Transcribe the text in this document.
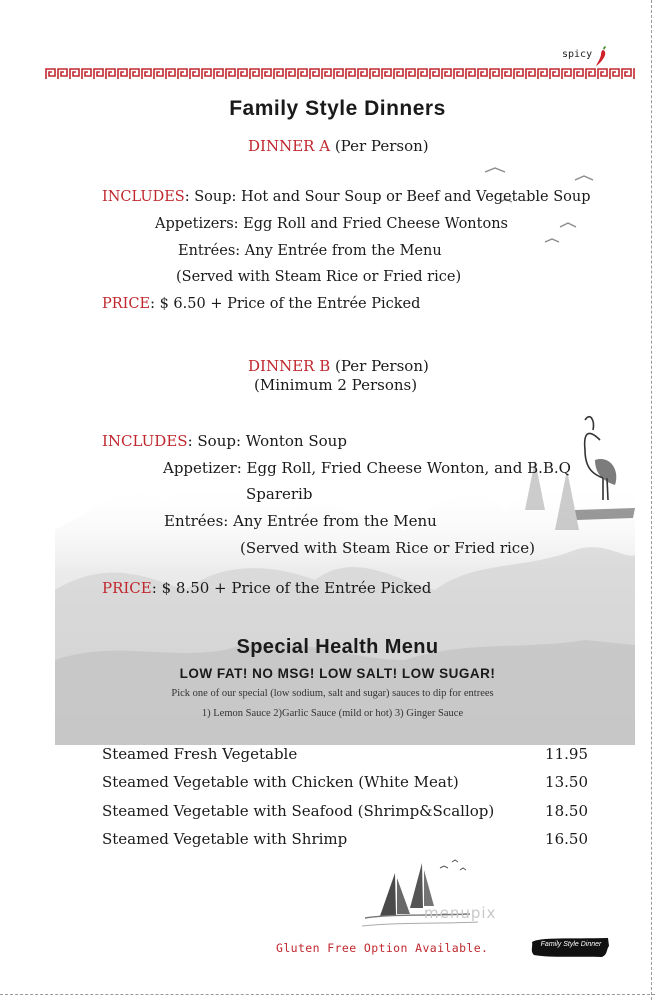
spicy
Family Style Dinners
DINNER A (Per Person)
INCLUDES: Soup: Hot and Sour Soup or Beef and Vegetable Soup
Appetizers: Egg Roll and Fried Cheese Wontons
Entrées: Any Entrée from the Menu
(Served with Steam Rice or Fried rice)
PRICE: $ 6.50 + Price of the Entrée Picked
DINNER B (Per Person)
(Minimum 2 Persons)
INCLUDES: Soup: Wonton Soup
Appetizer: Egg Roll, Fried Cheese Wonton, and B.B.Q
Sparerib
Entrées: Any Entrée from the Menu
(Served with Steam Rice or Fried rice)
PRICE: $ 8.50 + Price of the Entrée Picked
Special Health Menu
LOW FAT! NO MSG! LOW SALT! LOW SUGAR!
Pick one of our special (low sodium, salt and sugar) sauces to dip for entrees
1) Lemon Sauce 2)Garlic Sauce (mild or hot) 3) Ginger Sauce
Steamed Fresh Vegetable	11.95
Steamed Vegetable with Chicken (White Meat)	13.50
Steamed Vegetable with Seafood (Shrimp&Scallop)	18.50
Steamed Vegetable with Shrimp	16.50
menupix
Gluten Free Option Available.	Family Style Dinner
